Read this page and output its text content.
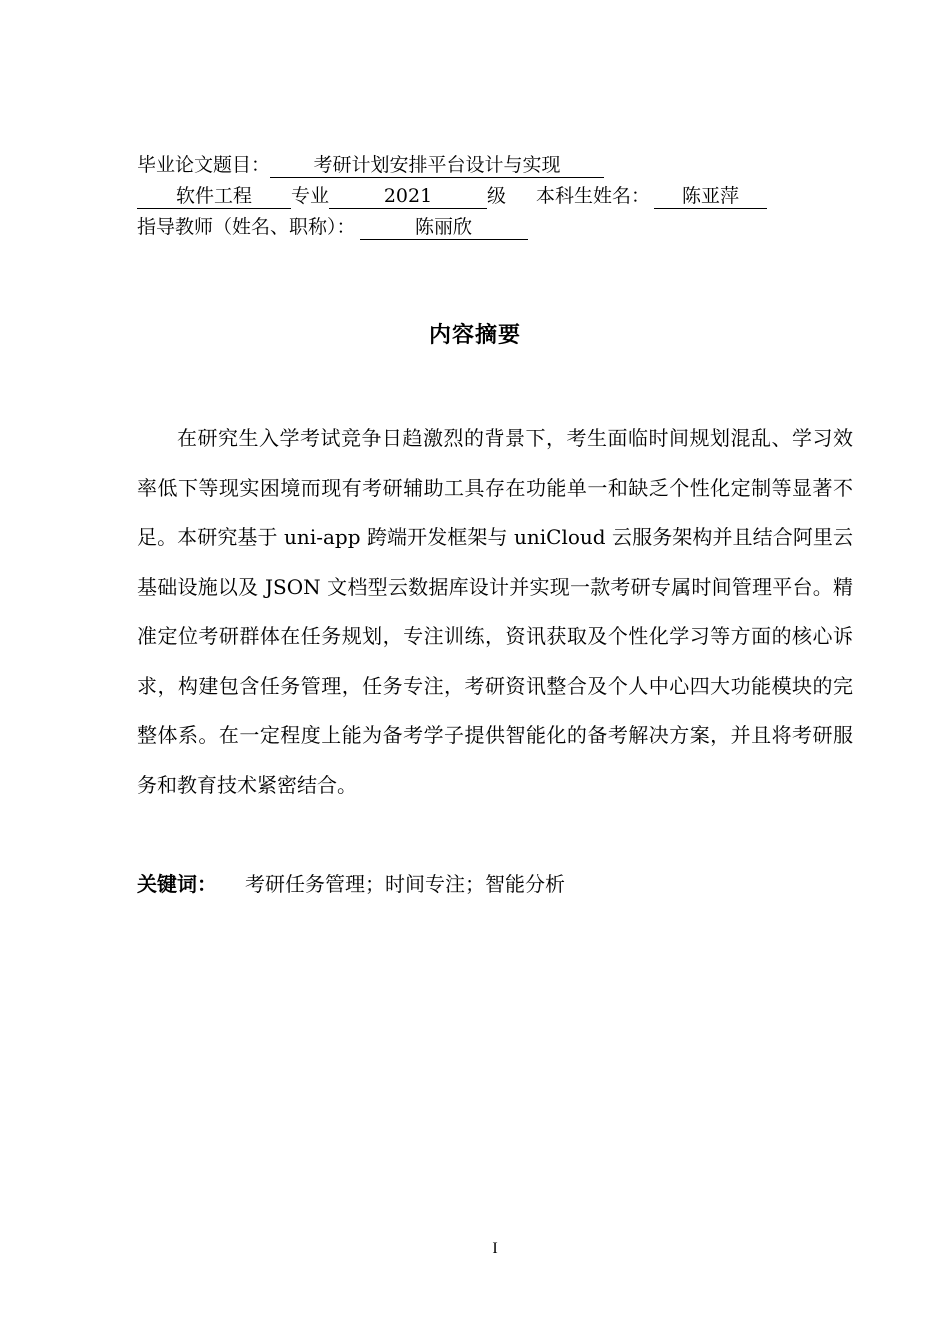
毕业论文题目： 考研计划安排平台设计与实现
软件工程 专业	2021	级 本科生姓名： 陈亚萍
指导教师（姓名、职称）：	陈丽欣
内容摘要

在研究生入学考试竞争日趋激烈的背景下，考生面临时间规划混乱、学习效率低下等现实困境而现有考研辅助工具存在功能单一和缺乏个性化定制等显著不足。本研究基于 uni-app 跨端开发框架与 uniCloud 云服务架构并且结合阿里云基础设施以及 JSON 文档型云数据库设计并实现一款考研专属时间管理平台。精准定位考研群体在任务规划，专注训练，资讯获取及个性化学习等方面的核心诉求，构建包含任务管理，任务专注，考研资讯整合及个人中心四大功能模块的完整体系。在一定程度上能为备考学子提供智能化的备考解决方案，并且将考研服务和教育技术紧密结合。

关键词： 考研任务管理；时间专注；智能分析
I
